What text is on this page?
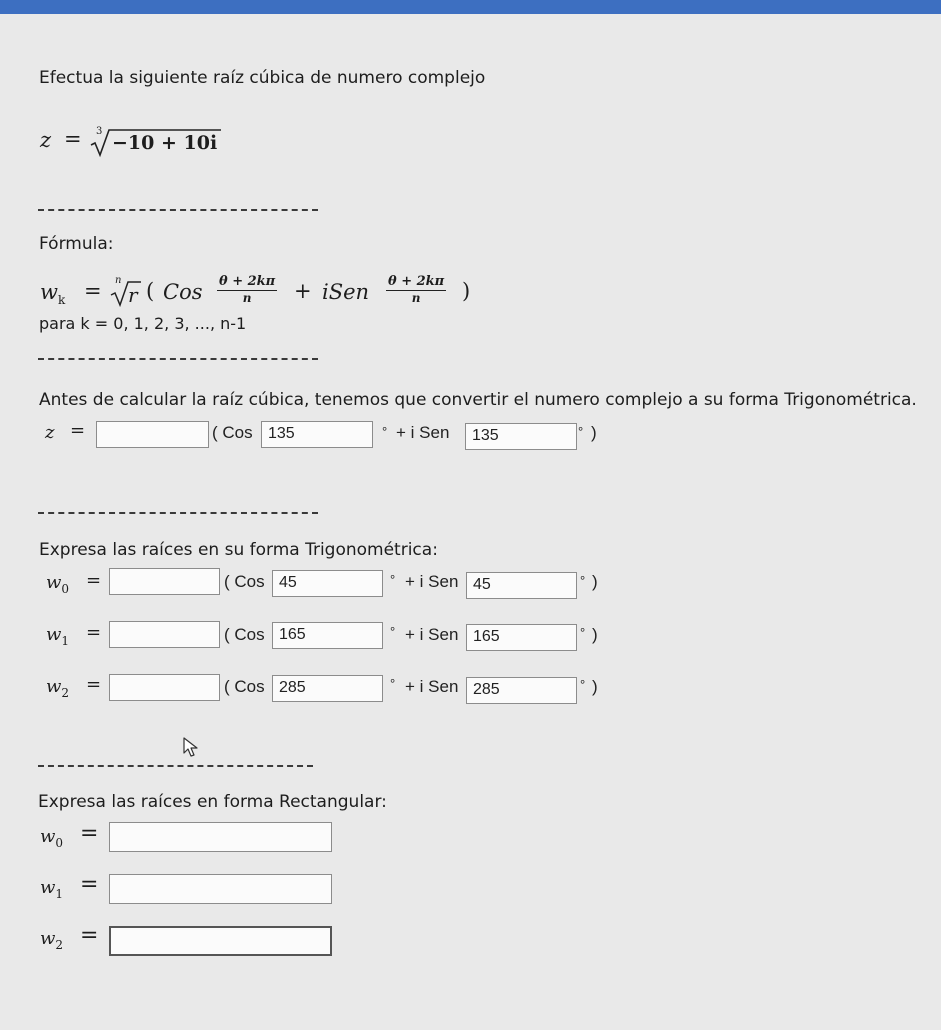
Efectua la siguiente raíz cúbica de numero complejo
z = 3
−10 + 10i
Fórmula:
$w_k = n$
r ( Cos $\frac{\theta + 2k\pi}{n}$ + iSen $\frac{\theta + 2k\pi}{n}$ )
para k = 0, 1, 2, 3, ..., n-1
Antes de calcular la raíz cúbica, tenemos que convertir el numero complejo a su forma Trigonométrica.
z =	( Cos 135	° + i Sen	135	° )
Expresa las raíces en su forma Trigonométrica:
$w_0$ =	( Cos 45	° + i Sen 45	° )
$w_1$ =	( Cos 165	° + i Sen 165	° )
$w_2$ =	( Cos 285	° + i Sen 285	° )
Expresa las raíces en forma Rectangular:
$w_0$ =
$w_1$ =
$w_2$ =
